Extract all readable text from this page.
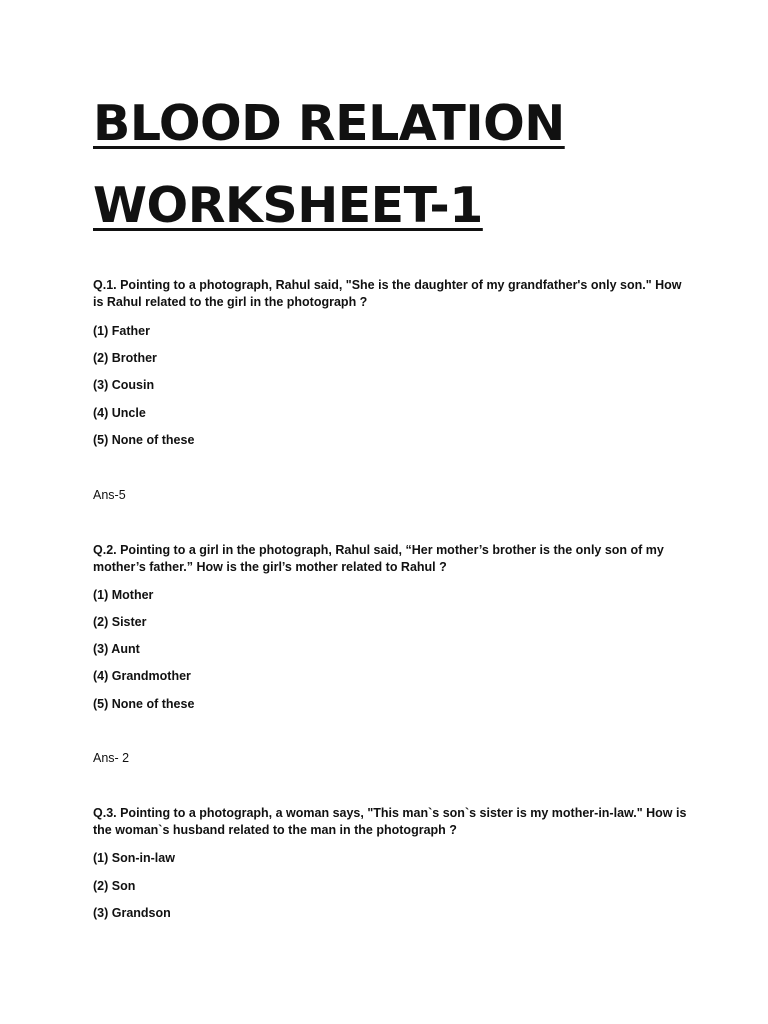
BLOOD RELATION
WORKSHEET-1
Q.1. Pointing to a photograph, Rahul said, "She is the daughter of my grandfather's only son." How is Rahul related to the girl in the photograph ?
(1) Father
(2) Brother
(3) Cousin
(4) Uncle
(5) None of these
Ans-5
Q.2. Pointing to a girl in the photograph, Rahul said, “Her mother’s brother is the only son of my mother’s father.” How is the girl’s mother related to Rahul ?
(1) Mother
(2) Sister
(3) Aunt
(4) Grandmother
(5) None of these
Ans- 2
Q.3. Pointing to a photograph, a woman says, "This man`s son`s sister is my mother-in-law." How is the woman`s husband related to the man in the photograph ?
(1) Son-in-law
(2) Son
(3) Grandson
